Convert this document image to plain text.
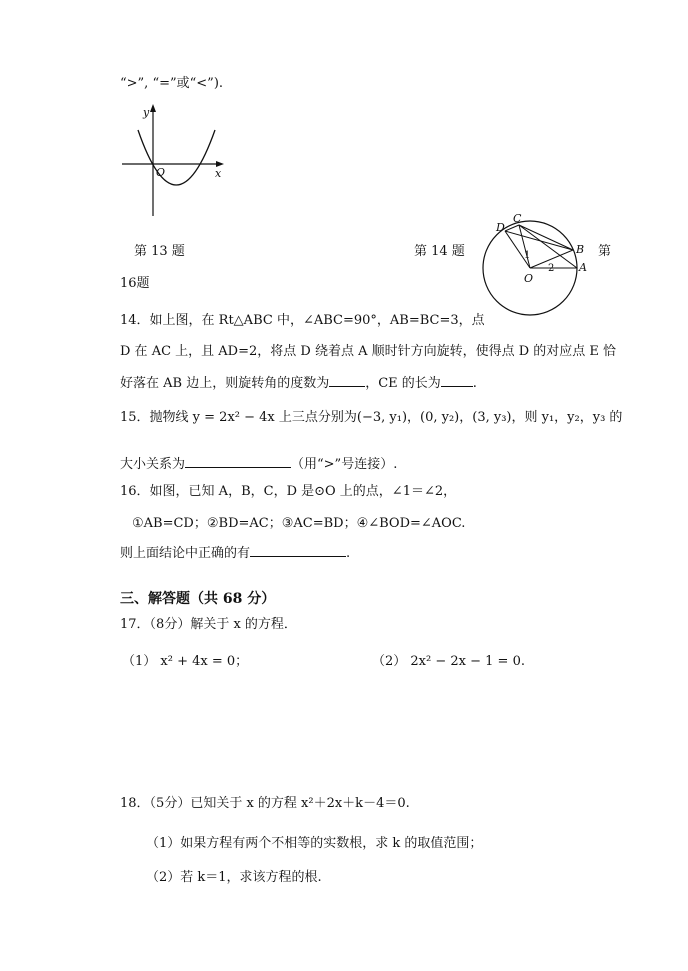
“>”, “=”或“<”).
y
x
O
D
C
B
A
O
1
2
第 13 题	第 14 题	第
16题
14．如上图，在 Rt△ABC 中，∠ABC=90°，AB=BC=3，点
D 在 AC 上，且 AD=2，将点 D 绕着点 A 顺时针方向旋转，使得点 D 的对应点 E 恰
好落在 AB 边上，则旋转角的度数为	，CE 的长为 .
15．抛物线 y = 2x² − 4x 上三点分别为(−3, y₁)，(0, y₂)，(3, y₃)，则 y₁，y₂，y₃ 的
大小关系为	（用“>”号连接）.
16．如图，已知 A，B，C，D 是⊙O 上的点，∠1＝∠2，
①AB=CD；②BD=AC；③AC=BD；④∠BOD=∠AOC.
则上面结论中正确的有	.
三、解答题（共 68 分）
17．（8分）解关于 x 的方程．
（1） x² + 4x = 0；	（2） 2x² − 2x − 1 = 0.
18．（5分）已知关于 x 的方程 x²＋2x＋k－4＝0.
（1）如果方程有两个不相等的实数根，求 k 的取值范围；
（2）若 k＝1，求该方程的根.
